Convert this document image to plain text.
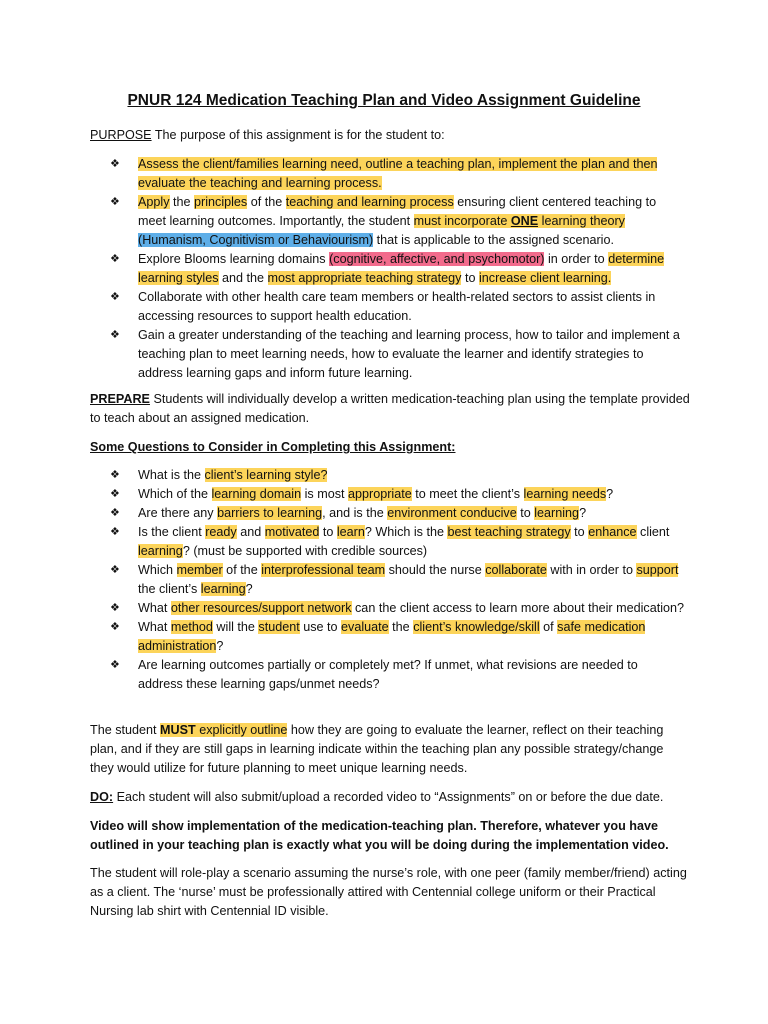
PNUR 124 Medication Teaching Plan and Video Assignment Guideline

PURPOSE The purpose of this assignment is for the student to:

❖	Assess the client/families learning need, outline a teaching plan, implement the plan and then evaluate the teaching and learning process.
❖	Apply the principles of the teaching and learning process ensuring client centered teaching to meet learning outcomes. Importantly, the student must incorporate ONE learning theory (Humanism, Cognitivism or Behaviourism) that is applicable to the assigned scenario.
❖	Explore Blooms learning domains (cognitive, affective, and psychomotor) in order to determine learning styles and the most appropriate teaching strategy to increase client learning.
❖	Collaborate with other health care team members or health-related sectors to assist clients in accessing resources to support health education.
❖	Gain a greater understanding of the teaching and learning process, how to tailor and implement a teaching plan to meet learning needs, how to evaluate the learner and identify strategies to address learning gaps and inform future learning.

PREPARE Students will individually develop a written medication-teaching plan using the template provided to teach about an assigned medication.

Some Questions to Consider in Completing this Assignment:

❖	What is the client’s learning style?
❖	Which of the learning domain is most appropriate to meet the client’s learning needs?
❖	Are there any barriers to learning, and is the environment conducive to learning?
❖	Is the client ready and motivated to learn? Which is the best teaching strategy to enhance client learning? (must be supported with credible sources)
❖	Which member of the interprofessional team should the nurse collaborate with in order to support the client’s learning?
❖	What other resources/support network can the client access to learn more about their medication?
❖	What method will the student use to evaluate the client’s knowledge/skill of safe medication administration?
❖	Are learning outcomes partially or completely met? If unmet, what revisions are needed to address these learning gaps/unmet needs?

The student MUST explicitly outline how they are going to evaluate the learner, reflect on their teaching plan, and if they are still gaps in learning indicate within the teaching plan any possible strategy/change they would utilize for future planning to meet unique learning needs.

DO: Each student will also submit/upload a recorded video to “Assignments” on or before the due date.

Video will show implementation of the medication-teaching plan. Therefore, whatever you have outlined in your teaching plan is exactly what you will be doing during the implementation video.

The student will role-play a scenario assuming the nurse’s role, with one peer (family member/friend) acting as a client. The ‘nurse’ must be professionally attired with Centennial college uniform or their Practical Nursing lab shirt with Centennial ID visible.
